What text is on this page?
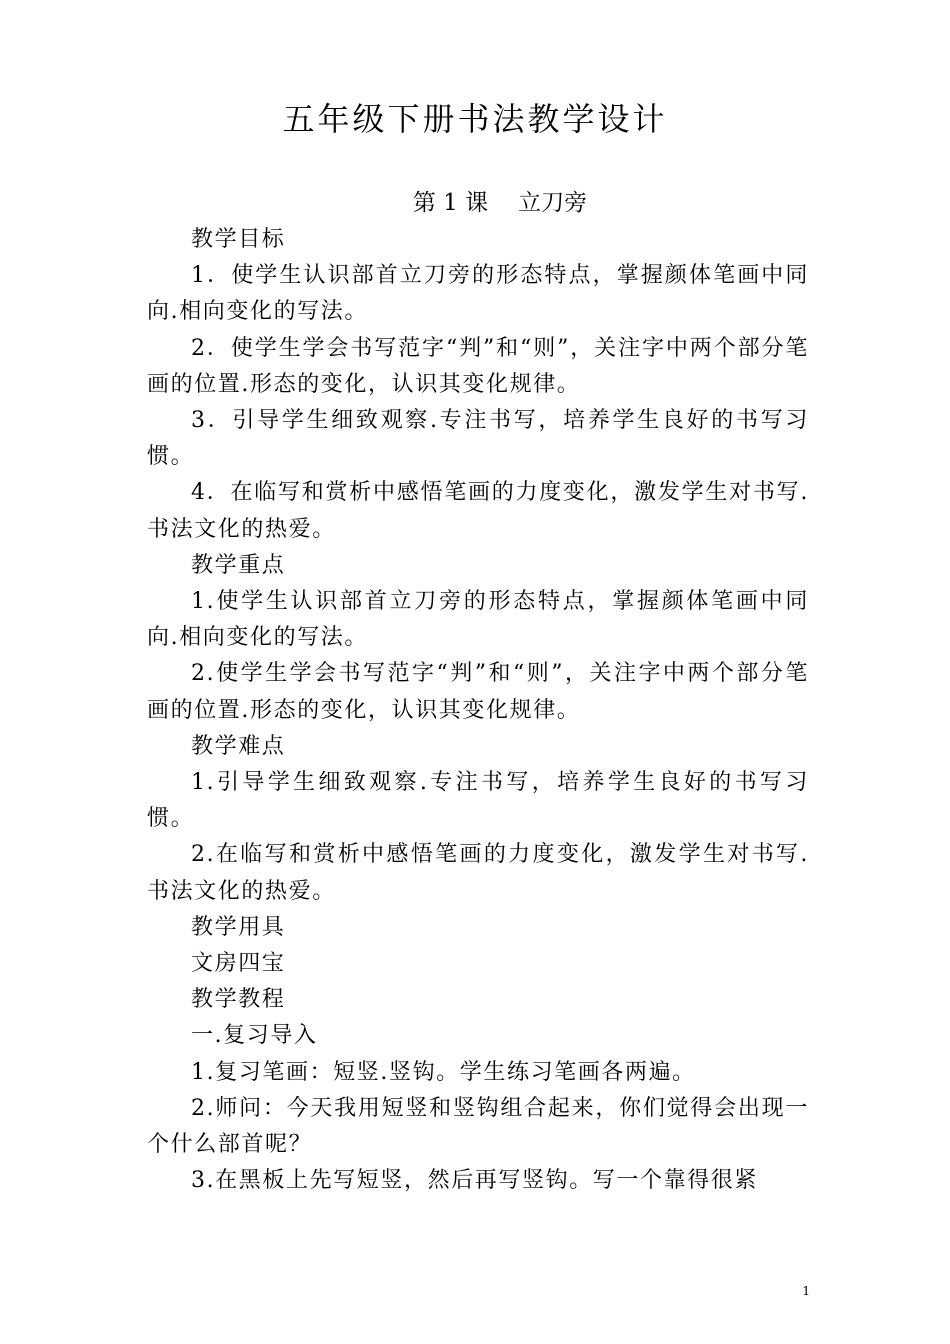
五年级下册书法教学设计
第 1 课 立刀旁

教学目标

1．使学生认识部首立刀旁的形态特点，掌握颜体笔画中同向.相向变化的写法。

2．使学生学会书写范字“判”和“则”，关注字中两个部分笔画的位置.形态的变化，认识其变化规律。

3．引导学生细致观察.专注书写，培养学生良好的书写习惯。

4．在临写和赏析中感悟笔画的力度变化，激发学生对书写.书法文化的热爱。

教学重点

1.使学生认识部首立刀旁的形态特点，掌握颜体笔画中同向.相向变化的写法。

2.使学生学会书写范字“判”和“则”，关注字中两个部分笔画的位置.形态的变化，认识其变化规律。

教学难点

1.引导学生细致观察.专注书写，培养学生良好的书写习惯。

2.在临写和赏析中感悟笔画的力度变化，激发学生对书写.书法文化的热爱。

教学用具

文房四宝

教学教程

一.复习导入

1.复习笔画：短竖.竖钩。学生练习笔画各两遍。

2.师问：今天我用短竖和竖钩组合起来，你们觉得会出现一个什么部首呢？

3.在黑板上先写短竖，然后再写竖钩。写一个靠得很紧

1
